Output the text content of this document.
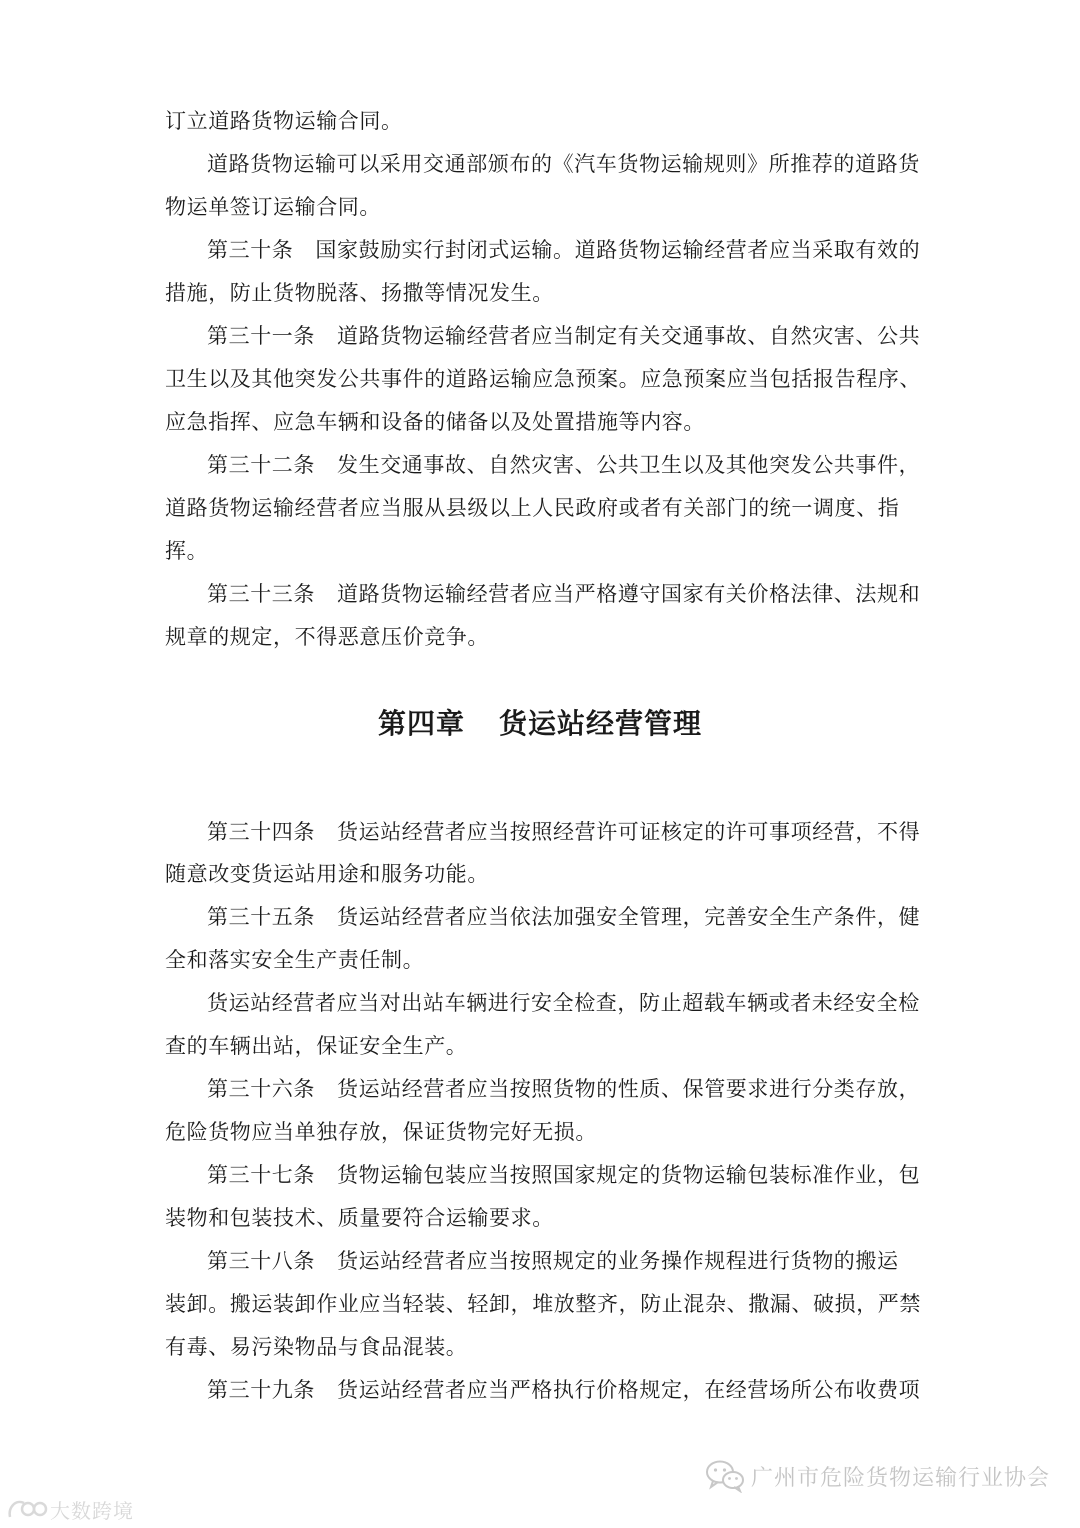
订立道路货物运输合同。
道路货物运输可以采用交通部颁布的《汽车货物运输规则》所推荐的道路货
物运单签订运输合同。
第三十条 国家鼓励实行封闭式运输。道路货物运输经营者应当采取有效的
措施，防止货物脱落、扬撒等情况发生。
第三十一条 道路货物运输经营者应当制定有关交通事故、自然灾害、公共
卫生以及其他突发公共事件的道路运输应急预案。应急预案应当包括报告程序、
应急指挥、应急车辆和设备的储备以及处置措施等内容。
第三十二条 发生交通事故、自然灾害、公共卫生以及其他突发公共事件，
道路货物运输经营者应当服从县级以上人民政府或者有关部门的统一调度、指
挥。
第三十三条 道路货物运输经营者应当严格遵守国家有关价格法律、法规和
规章的规定，不得恶意压价竞争。
第四章 货运站经营管理
第三十四条 货运站经营者应当按照经营许可证核定的许可事项经营，不得
随意改变货运站用途和服务功能。
第三十五条 货运站经营者应当依法加强安全管理，完善安全生产条件，健
全和落实安全生产责任制。
货运站经营者应当对出站车辆进行安全检查，防止超载车辆或者未经安全检
查的车辆出站，保证安全生产。
第三十六条 货运站经营者应当按照货物的性质、保管要求进行分类存放，
危险货物应当单独存放，保证货物完好无损。
第三十七条 货物运输包装应当按照国家规定的货物运输包装标准作业，包
装物和包装技术、质量要符合运输要求。
第三十八条 货运站经营者应当按照规定的业务操作规程进行货物的搬运
装卸。搬运装卸作业应当轻装、轻卸，堆放整齐，防止混杂、撒漏、破损，严禁
有毒、易污染物品与食品混装。
第三十九条 货运站经营者应当严格执行价格规定，在经营场所公布收费项
广州市危险货物运输行业协会
大数跨境
